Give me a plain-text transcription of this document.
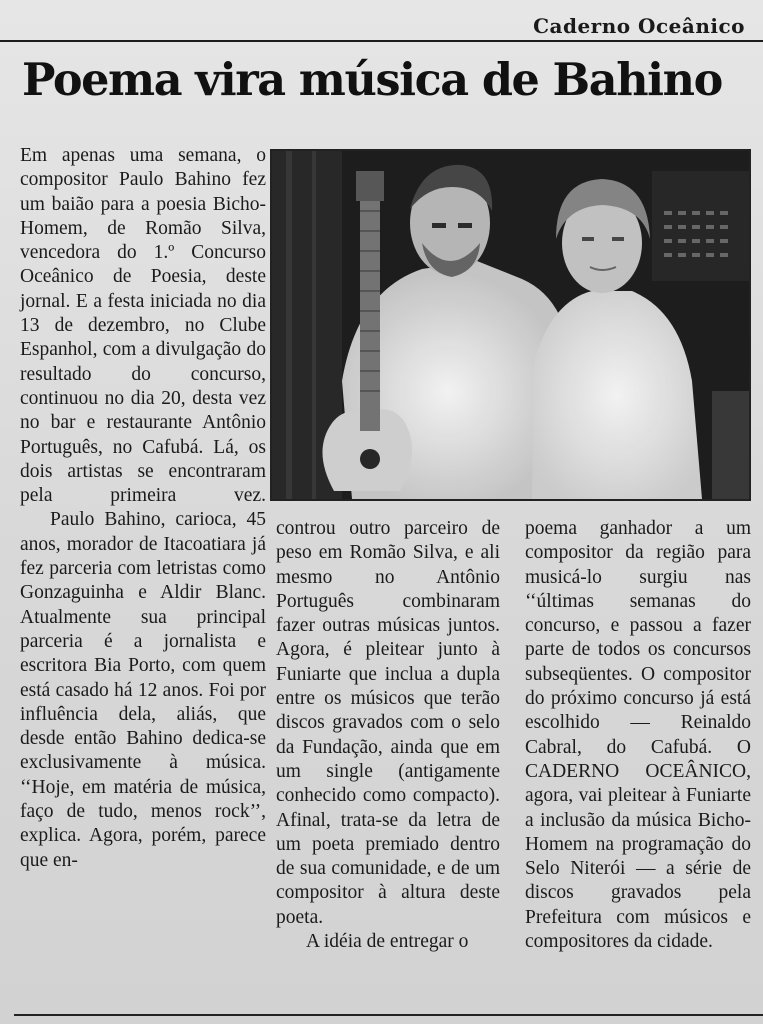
Caderno Oceânico
Poema vira música de Bahino

Em apenas uma semana, o compositor Paulo Bahino fez um baião para a poesia Bicho-Homem, de Romão Silva, vencedora do 1.º Concurso Oceânico de Poesia, deste jornal. E a festa iniciada no dia 13 de dezembro, no Clube Espanhol, com a divulgação do resultado do concurso, continuou no dia 20, desta vez no bar e restaurante Antônio Português, no Cafubá. Lá, os dois artistas se encontraram pela primeira vez.

Paulo Bahino, carioca, 45 anos, morador de Itacoatiara já fez parceria com letristas como Gonzaguinha e Aldir Blanc. Atualmente sua principal parceria é a jornalista e escritora Bia Porto, com quem está casado há 12 anos. Foi por influência dela, aliás, que desde então Bahino dedica-se exclusivamente à música. ‘‘Hoje, em matéria de música, faço de tudo, menos rock’’, explica. Agora, porém, parece que en-

controu outro parceiro de peso em Romão Silva, e ali mesmo no Antônio Português combinaram fazer outras músicas juntos. Agora, é pleitear junto à Funiarte que inclua a dupla entre os músicos que terão discos gravados com o selo da Fundação, ainda que em um single (antigamente conhecido como compacto). Afinal, trata-se da letra de um poeta premiado dentro de sua comunidade, e de um compositor à altura deste poeta.

A idéia de entregar o

poema ganhador a um compositor da região para musicá-lo surgiu nas ‘‘últimas semanas do concurso, e passou a fazer parte de todos os concursos subseqüentes. O compositor do próximo concurso já está escolhido — Reinaldo Cabral, do Cafubá. O CADERNO OCEÂNICO, agora, vai pleitear à Funiarte a inclusão da música Bicho-Homem na programação do Selo Niterói — a série de discos gravados pela Prefeitura com músicos e compositores da cidade.
